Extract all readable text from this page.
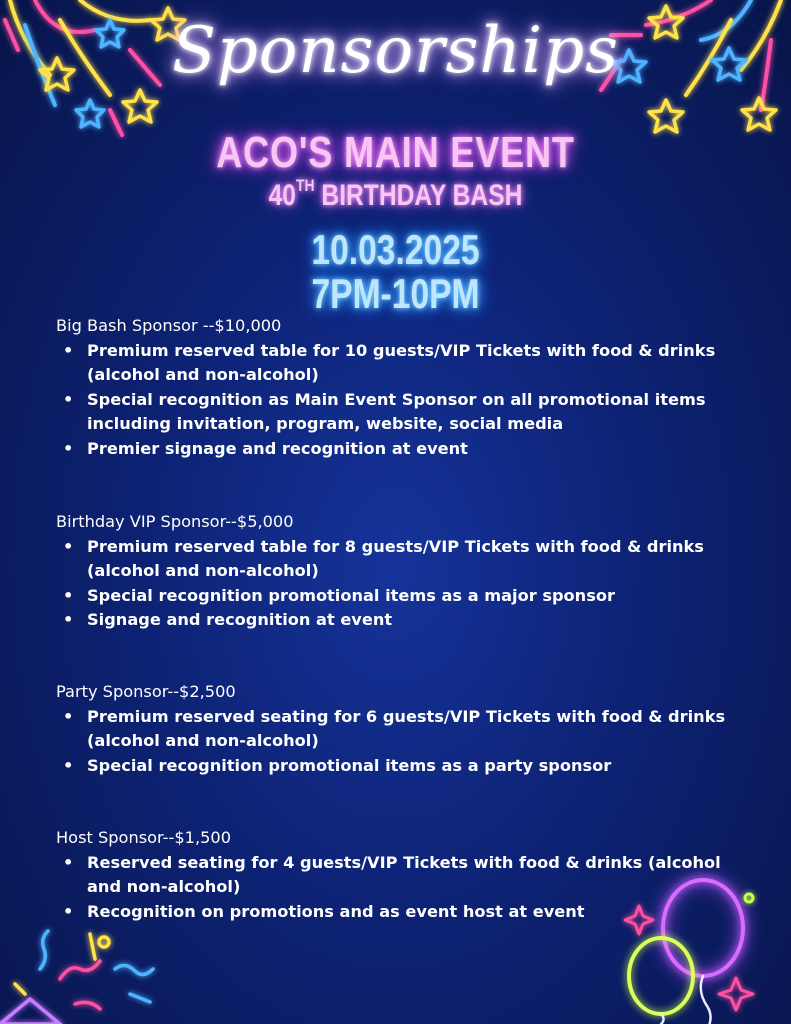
Sponsorships
ACO'S MAIN EVENT
40TH BIRTHDAY BASH
10.03.2025
7PM-10PM
Big Bash Sponsor --$10,000
• Premium reserved table for 10 guests/VIP Tickets with food & drinks (alcohol and non-alcohol)
• Special recognition as Main Event Sponsor on all promotional items including invitation, program, website, social media
• Premier signage and recognition at event
Birthday VIP Sponsor--$5,000
• Premium reserved table for 8 guests/VIP Tickets with food & drinks (alcohol and non-alcohol)
• Special recognition promotional items as a major sponsor
• Signage and recognition at event
Party Sponsor--$2,500
• Premium reserved seating for 6 guests/VIP Tickets with food & drinks (alcohol and non-alcohol)
• Special recognition promotional items as a party sponsor
Host Sponsor--$1,500
• Reserved seating for 4 guests/VIP Tickets with food & drinks (alcohol and non-alcohol)
• Recognition on promotions and as event host at event
